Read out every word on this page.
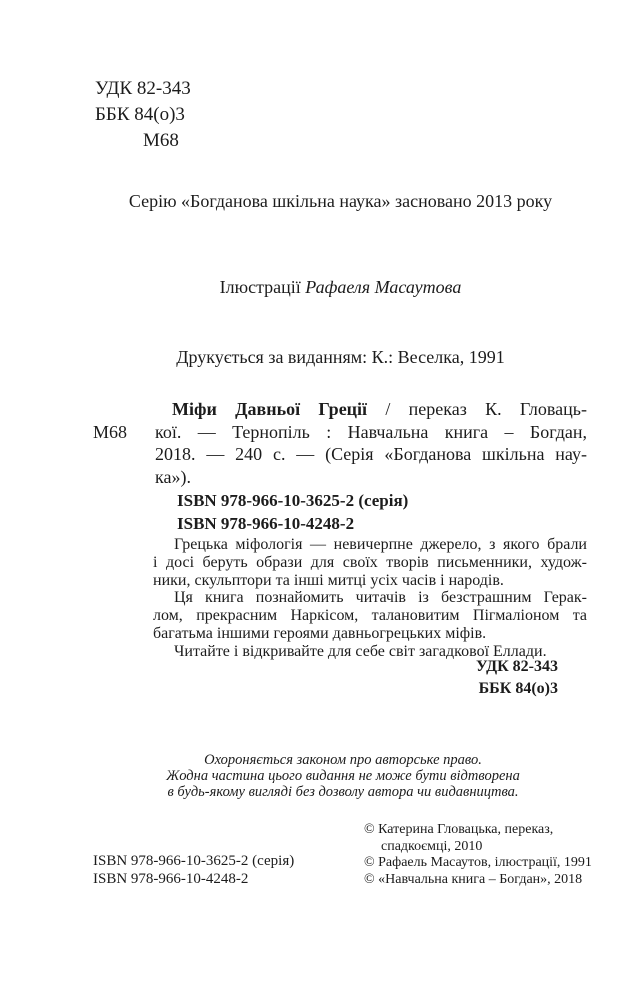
УДК 82-343
ББК 84(о)3
М68
Серію «Богданова шкільна наука» засновано 2013 року
Ілюстрації Рафаеля Масаутова
Друкується за виданням: К.: Веселка, 1991
М68
Міфи Давньої Греції / переказ К. Гловаць-
кої. — Тернопіль : Навчальна книга – Богдан,
2018. — 240 с. — (Серія «Богданова шкільна нау-
ка»).
ISBN 978-966-10-3625-2 (серія)
ISBN 978-966-10-4248-2
Грецька міфологія — невичерпне джерело, з якого брали
і досі беруть образи для своїх творів письменники, худож-
ники, скульптори та інші митці усіх часів і народів.
Ця книга познайомить читачів із безстрашним Герак-
лом, прекрасним Наркісом, талановитим Пігмаліоном та
багатьма іншими героями давньогрецьких міфів.
Читайте і відкривайте для себе світ загадкової Еллади.
УДК 82-343
ББК 84(о)3
Охороняється законом про авторське право.
Жодна частина цього видання не може бути відтворена
в будь-якому вигляді без дозволу автора чи видавництва.
ISBN 978-966-10-3625-2 (серія)
ISBN 978-966-10-4248-2
© Катерина Гловацька, переказ,
спадкоємці, 2010
© Рафаель Масаутов, ілюстрації, 1991
© «Навчальна книга – Богдан», 2018
